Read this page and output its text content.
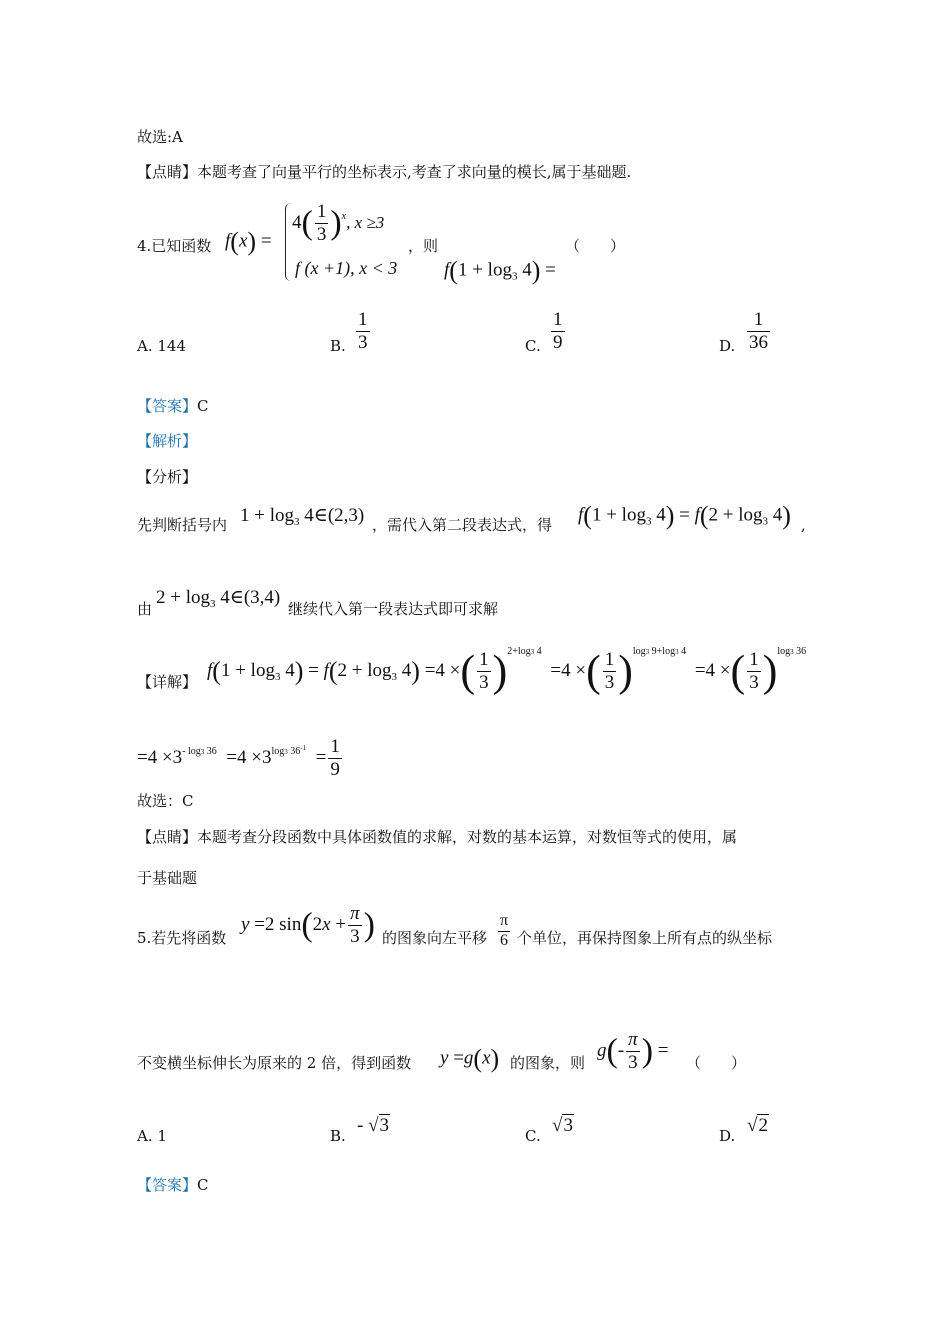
故选:A
【点睛】本题考查了向量平行的坐标表示,考查了求向量的模长,属于基础题.
4.已知函数 f(x) =
$4( \frac{1}{3} )^x$, x ≥3
f (x +1), x < 3
，则
$f(1 + \log_3 4)$ =
（　　）
A. 144	B. $\frac{1}{3}$	C. $\frac{1}{9}$	D. $\frac{1}{36}$
【答案】C
【解析】
【分析】
先判断括号内 $1 + \log_3$ 4∈(2,3) ，需代入第二段表达式，得 $f(1 + \log_3 4) = f(2 + \log_3 4)$ ,
由
$2 + \log_3$ 4∈(3,4)
继续代入第一段表达式即可求解
【详解】
$f(1 + \log_3 4) = f(2 + \log_3 4) =4$ ×( $\frac{1}{3} )^{2+log3 4} =4$ ×( $\frac{1}{3} )^{log3 9+log3 4} =4$ ×( $\frac{1}{3} )^{log3 36}$
$=4 \times 3^{- log3 36} =4 \times 3^{log3 36^{-1}} = \frac{1}{9}$
故选：C
【点睛】本题考查分段函数中具体函数值的求解，对数的基本运算，对数恒等式的使用，属
于基础题
5.若先将函数
y =2 $\sin(2x + \frac{\pi}{3}$ ) 的图象向左平移 $\frac{\pi}{6}$ 个单位，再保持图象上所有点的纵坐标
不变横坐标伸长为原来的 2 倍，得到函数 y =g(x) 的图象，则
$g(- \frac{\pi}{3}$ ) =
（　　）
A. 1	B. - √3	C. √3	D. √2
【答案】C
